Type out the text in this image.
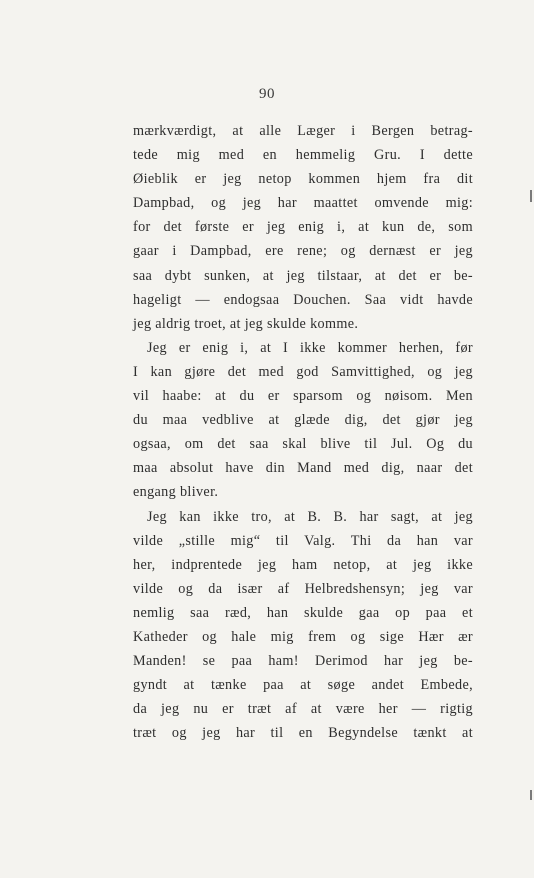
90
mærkværdigt, at alle Læger i Bergen betrag-
tede mig med en hemmelig Gru. I dette
Øieblik er jeg netop kommen hjem fra dit
Dampbad, og jeg har maattet omvende mig:
for det første er jeg enig i, at kun de, som
gaar i Dampbad, ere rene; og dernæst er jeg
saa dybt sunken, at jeg tilstaar, at det er be-
hageligt — endogsaa Douchen. Saa vidt havde
jeg aldrig troet, at jeg skulde komme.
Jeg er enig i, at I ikke kommer herhen, før
I kan gjøre det med god Samvittighed, og jeg
vil haabe: at du er sparsom og nøisom. Men
du maa vedblive at glæde dig, det gjør jeg
ogsaa, om det saa skal blive til Jul. Og du
maa absolut have din Mand med dig, naar det
engang bliver.
Jeg kan ikke tro, at B. B. har sagt, at jeg
vilde „stille mig“ til Valg. Thi da han var
her, indprentede jeg ham netop, at jeg ikke
vilde og da især af Helbredshensyn; jeg var
nemlig saa ræd, han skulde gaa op paa et
Katheder og hale mig frem og sige Hær ær
Manden! se paa ham! Derimod har jeg be-
gyndt at tænke paa at søge andet Embede,
da jeg nu er træt af at være her — rigtig
træt og jeg har til en Begyndelse tænkt at
